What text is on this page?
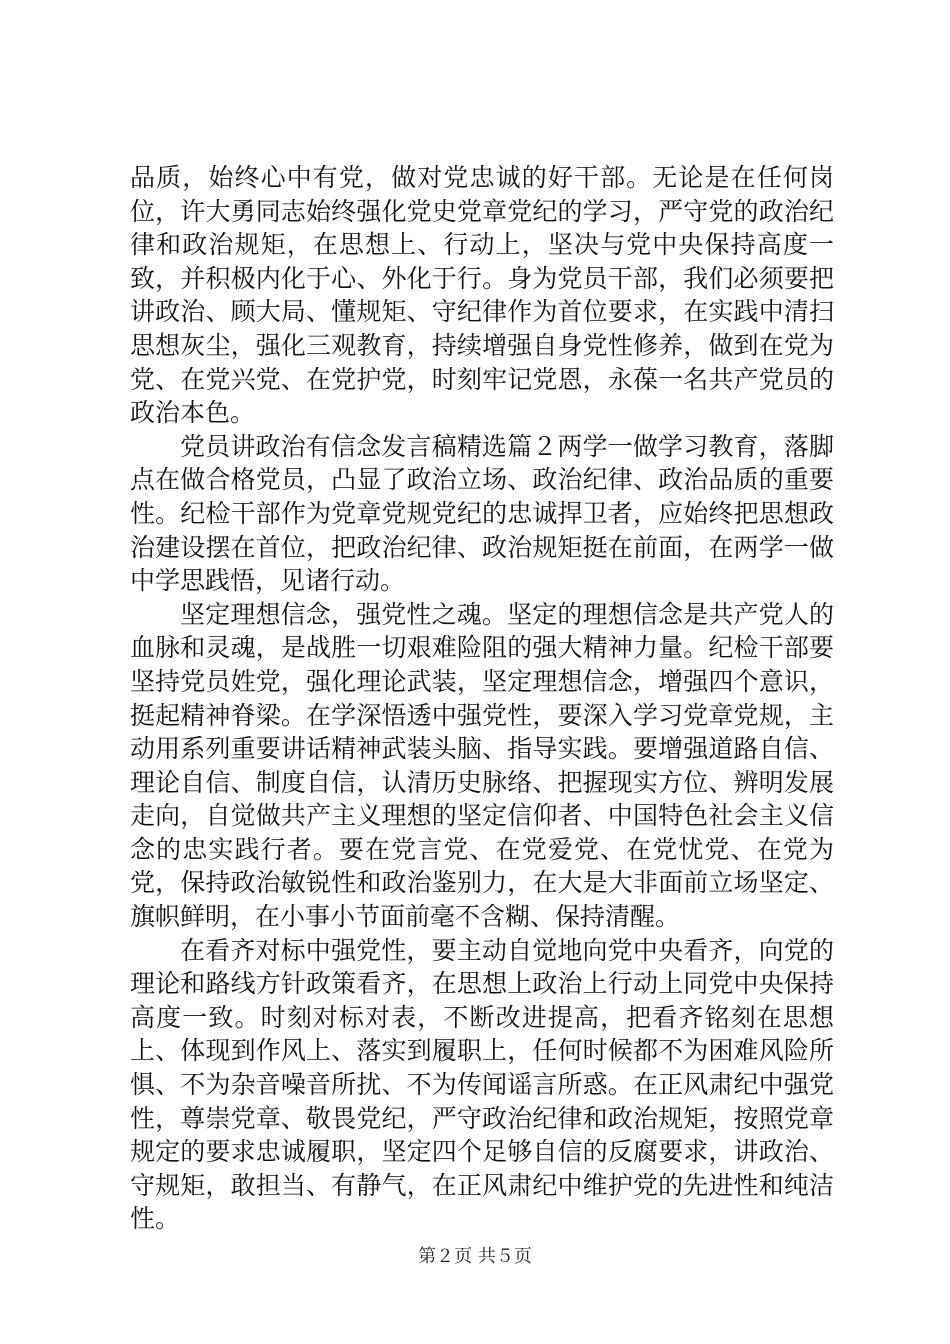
品质，始终心中有党，做对党忠诚的好干部。无论是在任何岗位，许大勇同志始终强化党史党章党纪的学习，严守党的政治纪律和政治规矩，在思想上、行动上，坚决与党中央保持高度一致，并积极内化于心、外化于行。身为党员干部，我们必须要把讲政治、顾大局、懂规矩、守纪律作为首位要求，在实践中清扫思想灰尘，强化三观教育，持续增强自身党性修养，做到在党为党、在党兴党、在党护党，时刻牢记党恩，永葆一名共产党员的政治本色。

党员讲政治有信念发言稿精选篇２两学一做学习教育，落脚点在做合格党员，凸显了政治立场、政治纪律、政治品质的重要性。纪检干部作为党章党规党纪的忠诚捍卫者，应始终把思想政治建设摆在首位，把政治纪律、政治规矩挺在前面，在两学一做中学思践悟，见诸行动。

坚定理想信念，强党性之魂。坚定的理想信念是共产党人的血脉和灵魂，是战胜一切艰难险阻的强大精神力量。纪检干部要坚持党员姓党，强化理论武装，坚定理想信念，增强四个意识，挺起精神脊梁。在学深悟透中强党性，要深入学习党章党规，主动用系列重要讲话精神武装头脑、指导实践。要增强道路自信、理论自信、制度自信，认清历史脉络、把握现实方位、辨明发展走向，自觉做共产主义理想的坚定信仰者、中国特色社会主义信念的忠实践行者。要在党言党、在党爱党、在党忧党、在党为党，保持政治敏锐性和政治鉴别力，在大是大非面前立场坚定、旗帜鲜明，在小事小节面前毫不含糊、保持清醒。

在看齐对标中强党性，要主动自觉地向党中央看齐，向党的理论和路线方针政策看齐，在思想上政治上行动上同党中央保持高度一致。时刻对标对表，不断改进提高，把看齐铭刻在思想上、体现到作风上、落实到履职上，任何时候都不为困难风险所惧、不为杂音噪音所扰、不为传闻谣言所惑。在正风肃纪中强党性，尊崇党章、敬畏党纪，严守政治纪律和政治规矩，按照党章规定的要求忠诚履职，坚定四个足够自信的反腐要求，讲政治、守规矩，敢担当、有静气，在正风肃纪中维护党的先进性和纯洁性。

第２页 共５页
